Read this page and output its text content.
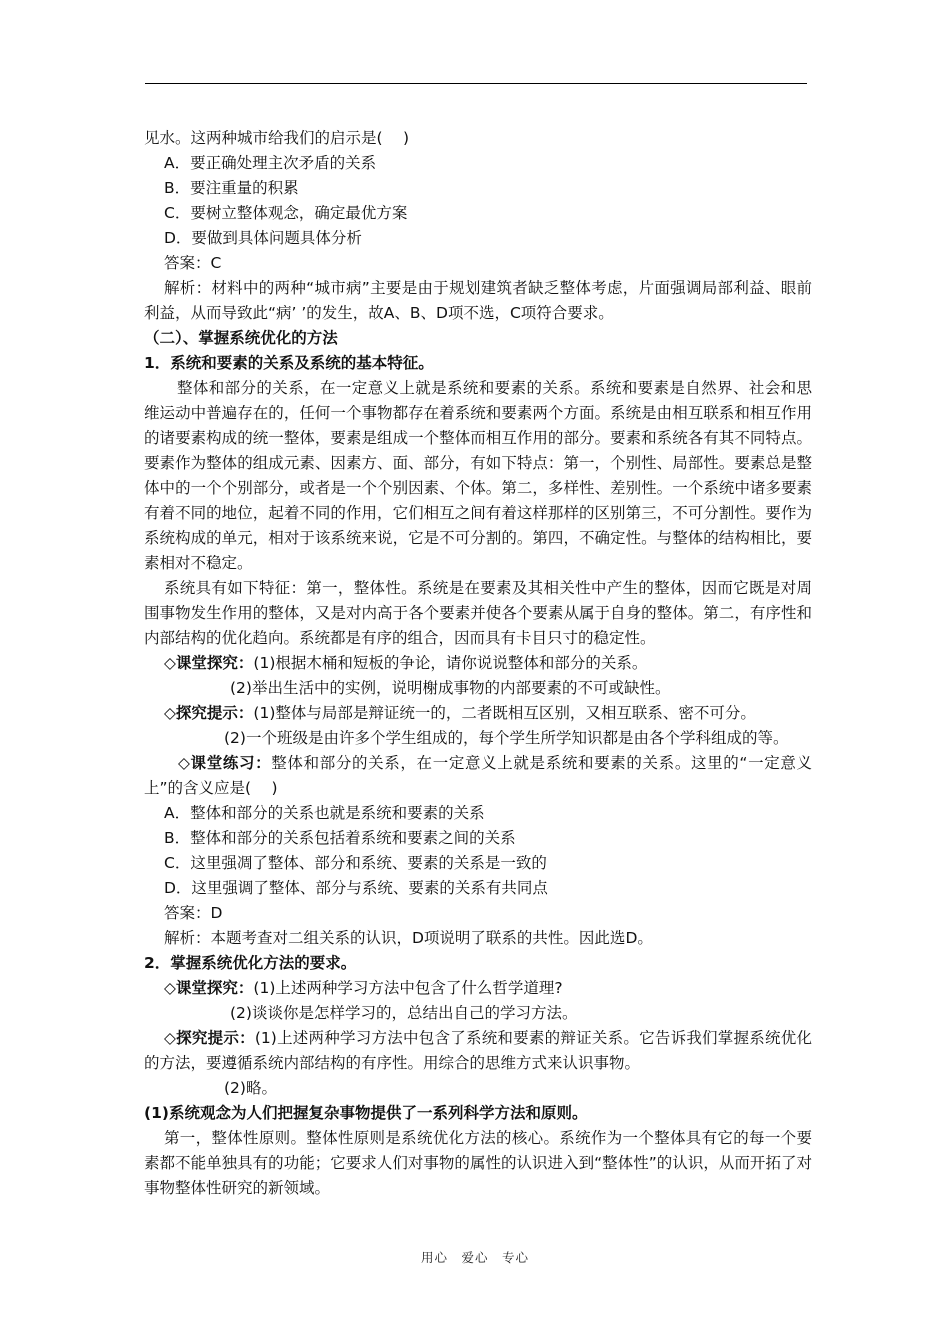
见水。这两种城市给我们的启示是(　 )

A．要正确处理主次矛盾的关系

B．要注重量的积累

C．要树立整体观念，确定最优方案

D．要做到具体问题具体分析

答案：C

解析：材料中的两种“城市病”主要是由于规划建筑者缺乏整体考虑，片面强调局部利益、眼前利益，从而导致此“病’ ’的发生，故A、B、D项不选，C项符合要求。

（二）、掌握系统优化的方法

1．系统和要素的关系及系统的基本特征。

整体和部分的关系，在一定意义上就是系统和要素的关系。系统和要素是自然界、社会和思维运动中普遍存在的，任何一个事物都存在着系统和要素两个方面。系统是由相互联系和相互作用的诸要素构成的统一整体，要素是组成一个整体而相互作用的部分。要素和系统各有其不同特点。要素作为整体的组成元素、因素方、面、部分，有如下特点：第一，个别性、局部性。要素总是整体中的一个个别部分，或者是一个个别因素、个体。第二，多样性、差别性。一个系统中诸多要素有着不同的地位，起着不同的作用，它们相互之间有着这样那样的区别第三，不可分割性。要作为系统构成的单元，相对于该系统来说，它是不可分割的。第四，不确定性。与整体的结构相比，要素相对不稳定。

系统具有如下特征：第一，整体性。系统是在要素及其相关性中产生的整体，因而它既是对周围事物发生作用的整体，又是对内高于各个要素并使各个要素从属于自身的整体。第二，有序性和内部结构的优化趋向。系统都是有序的组合，因而具有卡目只寸的稳定性。

◇课堂探究：(1)根据木桶和短板的争论，请你说说整体和部分的关系。

(2)举出生活中的实例，说明榭成事物的内部要素的不可或缺性。

◇探究提示：(1)整体与局部是辩证统一的，二者既相互区别，又相互联系、密不可分。

(2)一个班级是由许多个学生组成的，每个学生所学知识都是由各个学科组成的等。

◇课堂练习：整体和部分的关系，在一定意义上就是系统和要素的关系。这里的“一定意义上”的含义应是(　 )

A．整体和部分的关系也就是系统和要素的关系

B．整体和部分的关系包括着系统和要素之间的关系

C．这里强凋了整体、部分和系统、要素的关系是一致的

D．这里强调了整体、部分与系统、要素的关系有共同点

答案：D

解析：本题考查对二组关系的认识，D项说明了联系的共性。因此选D。

2．掌握系统优化方法的要求。

◇课堂探究：(1)上述两种学习方法中包含了什么哲学道理?

(2)谈谈你是怎样学习的，总结出自己的学习方法。

◇探究提示：(1)上述两种学习方法中包含了系统和要素的辩证关系。它告诉我们掌握系统优化的方法，要遵循系统内部结构的有序性。用综合的思维方式来认识事物。

(2)略。

(1)系统观念为人们把握复杂事物提供了一系列科学方法和原则。

第一，整体性原则。整体性原则是系统优化方法的核心。系统作为一个整体具有它的每一个要素都不能单独具有的功能；它要求人们对事物的属性的认识进入到“整体性”的认识，从而开拓了对事物整体性研究的新领域。

用心　爱心　专心
